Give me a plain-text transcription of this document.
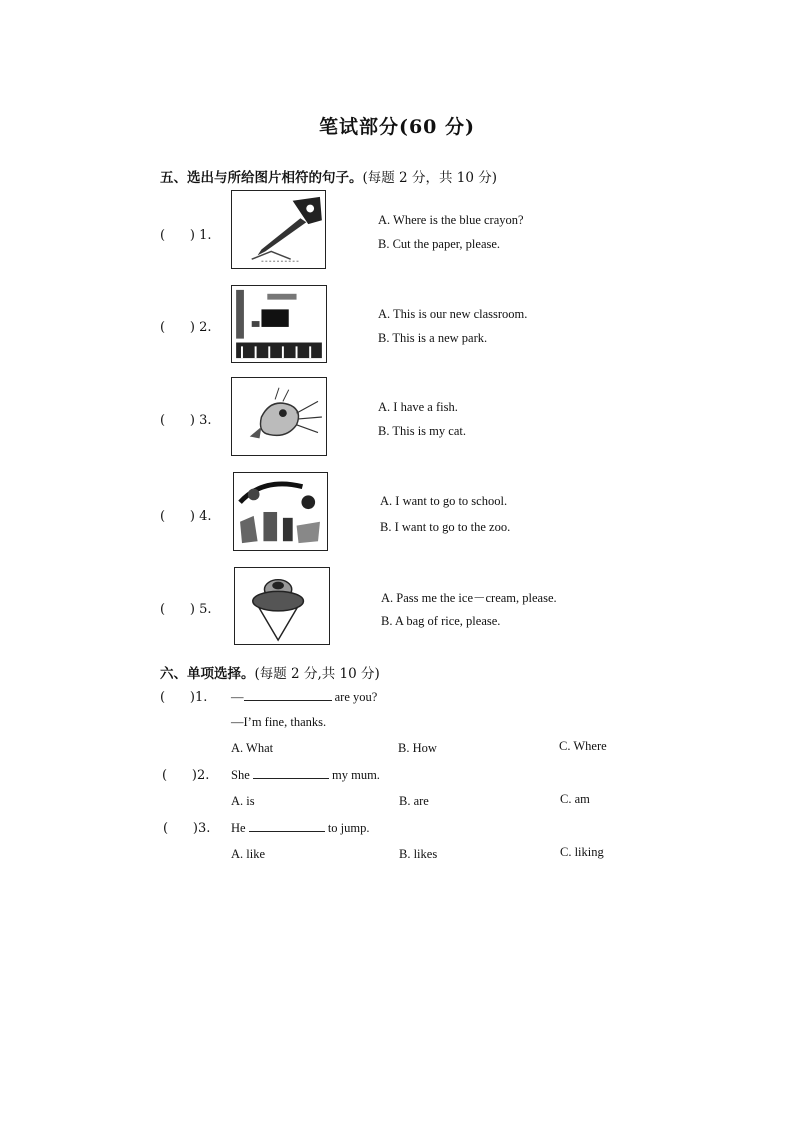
笔试部分(60 分)
五、选出与所给图片相符的句子。(每题 2 分，共 10 分)
(      ) 1.
A. Where is the blue crayon?
B. Cut the paper, please.
(      ) 2.
A. This is our new classroom.
B. This is a new park.
(      ) 3.
A. I have a fish.
B. This is my cat.
(      ) 4.
A. I want to go to school.
B. I want to go to the zoo.
(      ) 5.
A. Pass me the ice－cream, please.
B. A bag of rice, please.
六、单项选择。(每题 2 分,共 10 分)
(      )1. —	are you?
—I’m fine, thanks.
A. What	B. How	C. Where
(      )2. She	my mum.
A. is	B. are	C. am
(      )3. He	to jump.
A. like	B. likes	C. liking
